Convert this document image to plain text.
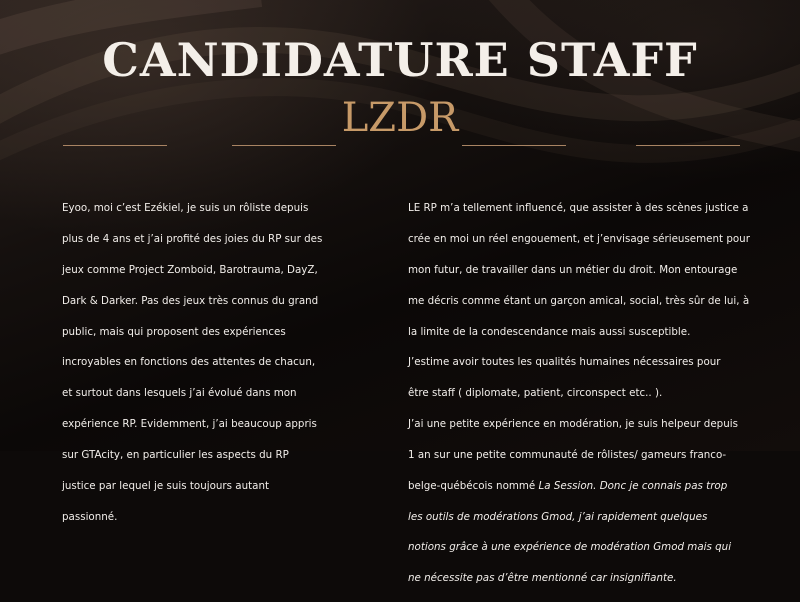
CANDIDATURE STAFF
LZDR

Eyoo, moi c’est Ezékiel, je suis un rôliste depuis

plus de 4 ans et j’ai profité des joies du RP sur des

jeux comme Project Zomboid, Barotrauma, DayZ,

Dark & Darker. Pas des jeux très connus du grand

public, mais qui proposent des expériences

incroyables en fonctions des attentes de chacun,

et surtout dans lesquels j’ai évolué dans mon

expérience RP. Evidemment, j’ai beaucoup appris

sur GTAcity, en particulier les aspects du RP

justice par lequel je suis toujours autant

passionné.

LE RP m’a tellement influencé, que assister à des scènes justice a

crée en moi un réel engouement, et j’envisage sérieusement pour

mon futur, de travailler dans un métier du droit. Mon entourage

me décris comme étant un garçon amical, social, très sûr de lui, à

la limite de la condescendance mais aussi susceptible.

J’estime avoir toutes les qualités humaines nécessaires pour

être staff ( diplomate, patient, circonspect etc.. ).

J’ai une petite expérience en modération, je suis helpeur depuis

1 an sur une petite communauté de rôlistes/ gameurs franco-

belge-québécois nommé La Session. Donc je connais pas trop

les outils de modérations Gmod, j’ai rapidement quelques

notions grâce à une expérience de modération Gmod mais qui

ne nécessite pas d’être mentionné car insignifiante.
